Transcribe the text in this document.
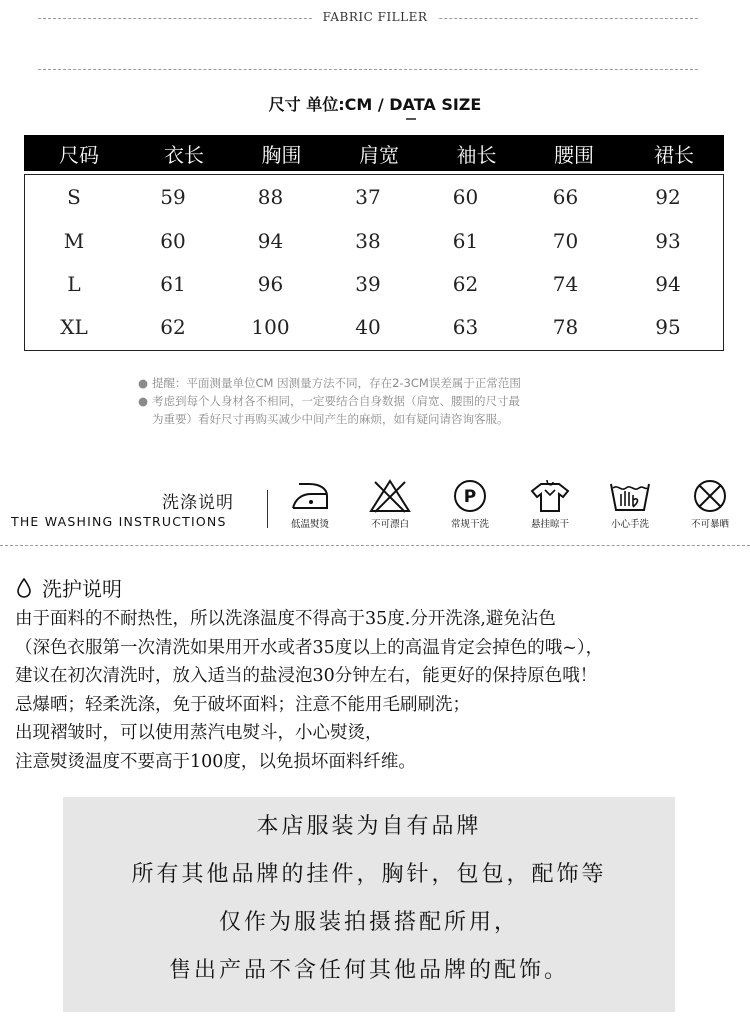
FABRIC FILLER
尺寸 单位:CM / DATA SIZE
尺码	衣长	胸围	肩宽	袖长	腰围	裙长
S	59	88	37	60	66	92
M	60	94	38	61	70	93
L	61	96	39	62	74	94
XL	62	100	40	63	78	95
● 提醒：平面测量单位CM 因测量方法不同，存在2-3CM误差属于正常范围
● 考虑到每个人身材各不相同，一定要结合自身数据（肩宽、腰围的尺寸最
为重要）看好尺寸再购买减少中间产生的麻烦，如有疑问请咨询客服。
洗涤说明
THE WASHING INSTRUCTIONS	低温熨烫	不可漂白
P
常规干洗	悬挂晾干	小心手洗	不可暴晒
洗护说明
由于面料的不耐热性，所以洗涤温度不得高于35度.分开洗涤,避免沾色
（深色衣服第一次清洗如果用开水或者35度以上的高温肯定会掉色的哦~），
建议在初次清洗时，放入适当的盐浸泡30分钟左右，能更好的保持原色哦！
忌爆晒；轻柔洗涤，免于破坏面料；注意不能用毛刷刷洗；
出现褶皱时，可以使用蒸汽电熨斗，小心熨烫，
注意熨烫温度不要高于100度，以免损坏面料纤维。
本店服装为自有品牌
所有其他品牌的挂件，胸针，包包，配饰等
仅作为服装拍摄搭配所用，
售出产品不含任何其他品牌的配饰。
